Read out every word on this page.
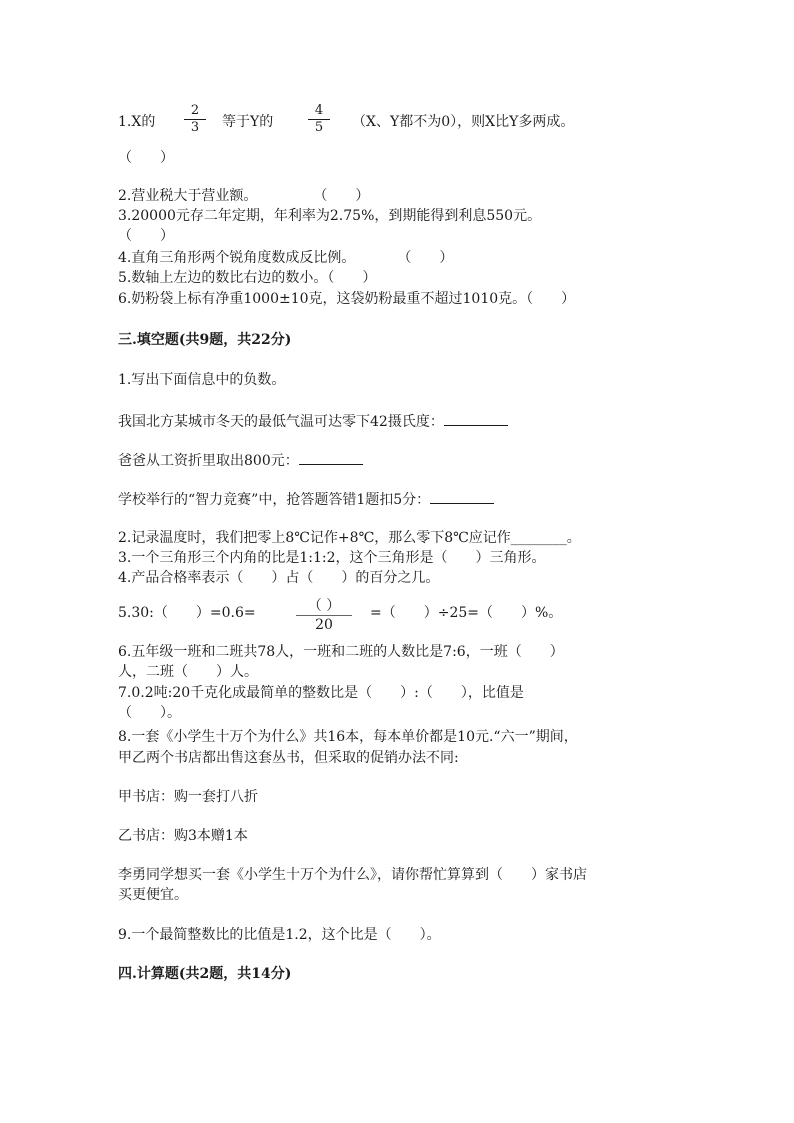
1.X的 $\frac{2}{3}$ 等于Y的	$\frac{4}{5} (X$、Y都不为0），则X比Y多两成。
（　　）
2.营业税大于营业额。　　　　　（　　）
3.20000元存二年定期，年利率为2.75%，到期能得到利息550元。
（　　）
4.直角三角形两个锐角度数成反比例。　　　　（　　）
5.数轴上左边的数比右边的数小。（　　）
6.奶粉袋上标有净重1000±10克，这袋奶粉最重不超过1010克。（　　）
三.填空题(共9题，共22分)
1.写出下面信息中的负数。
我国北方某城市冬天的最低气温可达零下42摄氏度：
爸爸从工资折里取出800元：
学校举行的“智力竞赛”中，抢答题答错1题扣5分：
2.记录温度时，我们把零上8℃记作+8℃，那么零下8℃应记作________。
3.一个三角形三个内角的比是1:1:2，这个三角形是（　　）三角形。
4.产品合格率表示（　　）占（　　）的百分之几。
5.30:（　　）=0.6=	（ ）
20
=（　　）÷25=（　　）%。
6.五年级一班和二班共78人，一班和二班的人数比是7:6，一班（　　）
人，二班（　　）人。
7.0.2吨:20千克化成最简单的整数比是（　　）:（　　），比值是
（　　）。
8.一套《小学生十万个为什么》共16本，每本单价都是10元.“六一”期间，
甲乙两个书店都出售这套丛书，但采取的促销办法不同:
甲书店：购一套打八折
乙书店：购3本赠1本
李勇同学想买一套《小学生十万个为什么》，请你帮忙算算到（　　）家书店
买更便宜。
9.一个最简整数比的比值是1.2，这个比是（　　）。
四.计算题(共2题，共14分)
